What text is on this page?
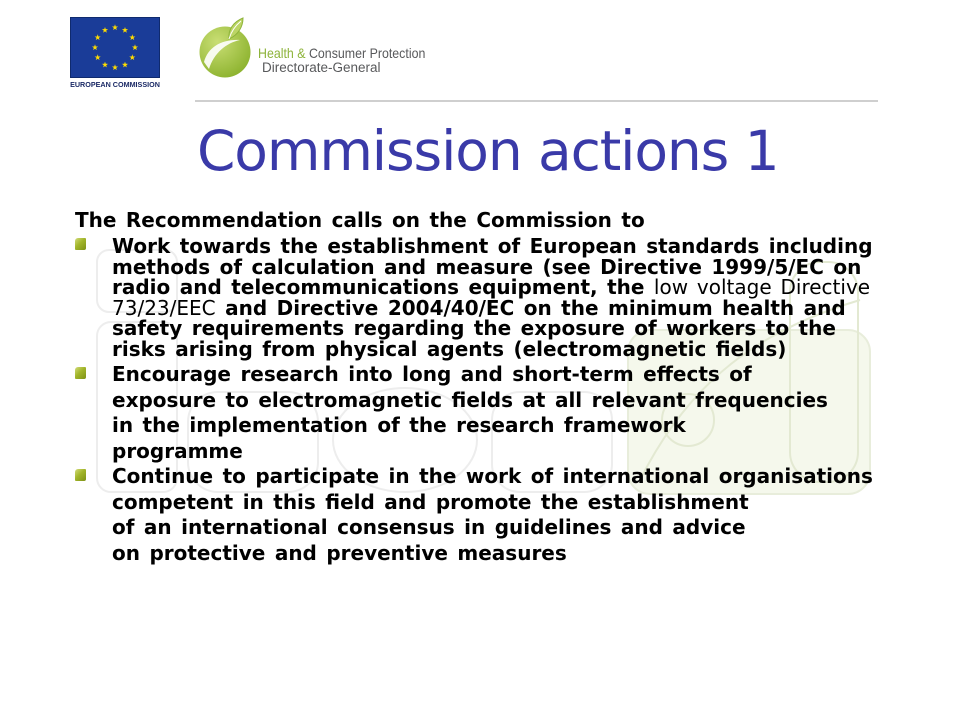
EUROPEAN COMMISSION
Health & Consumer Protection
Directorate-General
Commission actions 1

The Recommendation calls on the Commission to

Work towards the establishment of European standards including
methods of calculation and measure (see Directive 1999/5/EC on
radio and telecommunications equipment, the low voltage Directive
73/23/EEC and Directive 2004/40/EC on the minimum health and
safety requirements regarding the exposure of workers to the
risks arising from physical agents (electromagnetic fields)
Encourage research into long and short-term effects of
exposure to electromagnetic fields at all relevant frequencies
in the implementation of the research framework
programme
Continue to participate in the work of international organisations
competent in this field and promote the establishment
of an international consensus in guidelines and advice
on protective and preventive measures
